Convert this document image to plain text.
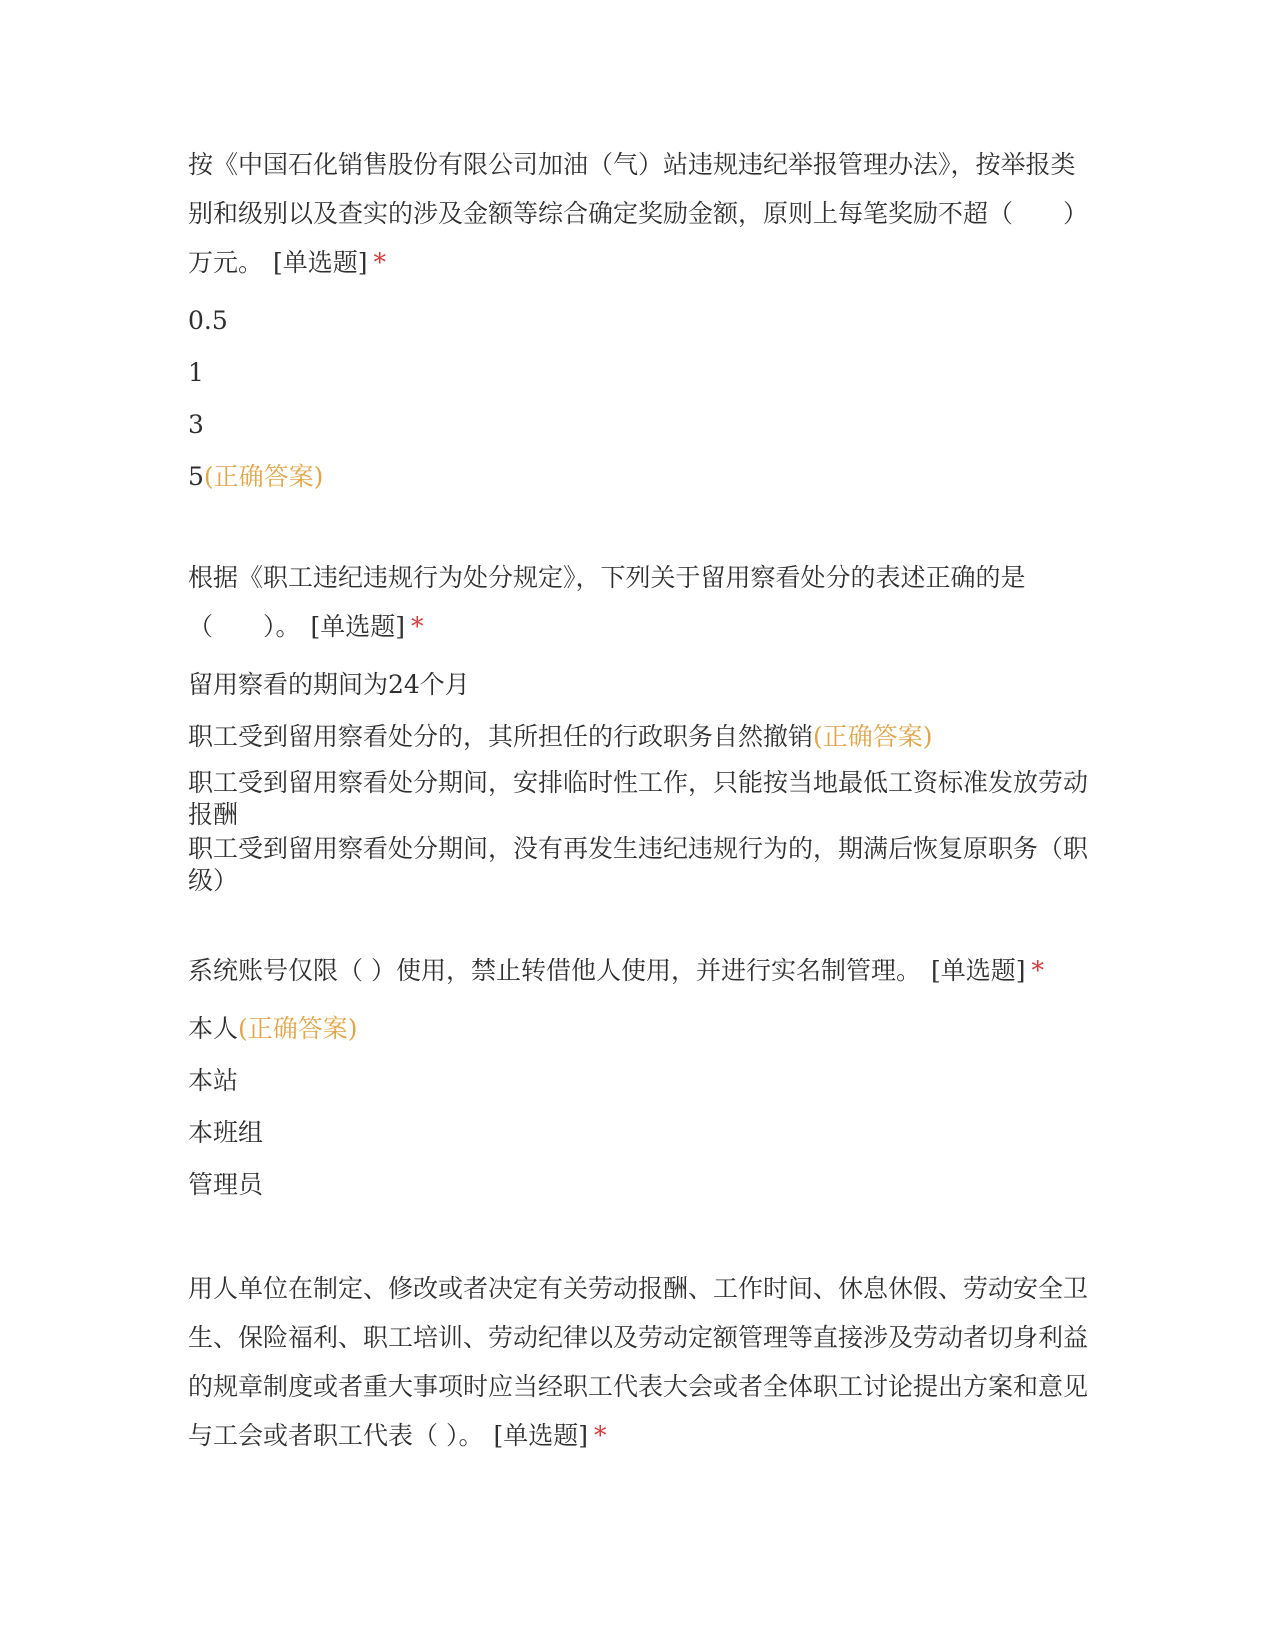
按《中国石化销售股份有限公司加油（气）站违规违纪举报管理办法》，按举报类别和级别以及查实的涉及金额等综合确定奖励金额，原则上每笔奖励不超（　　）万元。 [单选题] *

0.5

1

3

5(正确答案)

根据《职工违纪违规行为处分规定》，下列关于留用察看处分的表述正确的是（　　）。 [单选题] *

留用察看的期间为24个月

职工受到留用察看处分的，其所担任的行政职务自然撤销(正确答案)

职工受到留用察看处分期间，安排临时性工作，只能按当地最低工资标准发放劳动报酬

职工受到留用察看处分期间，没有再发生违纪违规行为的，期满后恢复原职务（职级）

系统账号仅限（ ）使用，禁止转借他人使用，并进行实名制管理。 [单选题] *

本人(正确答案)

本站

本班组

管理员

用人单位在制定、修改或者决定有关劳动报酬、工作时间、休息休假、劳动安全卫生、保险福利、职工培训、劳动纪律以及劳动定额管理等直接涉及劳动者切身利益的规章制度或者重大事项时应当经职工代表大会或者全体职工讨论提出方案和意见与工会或者职工代表（ ）。 [单选题] *
